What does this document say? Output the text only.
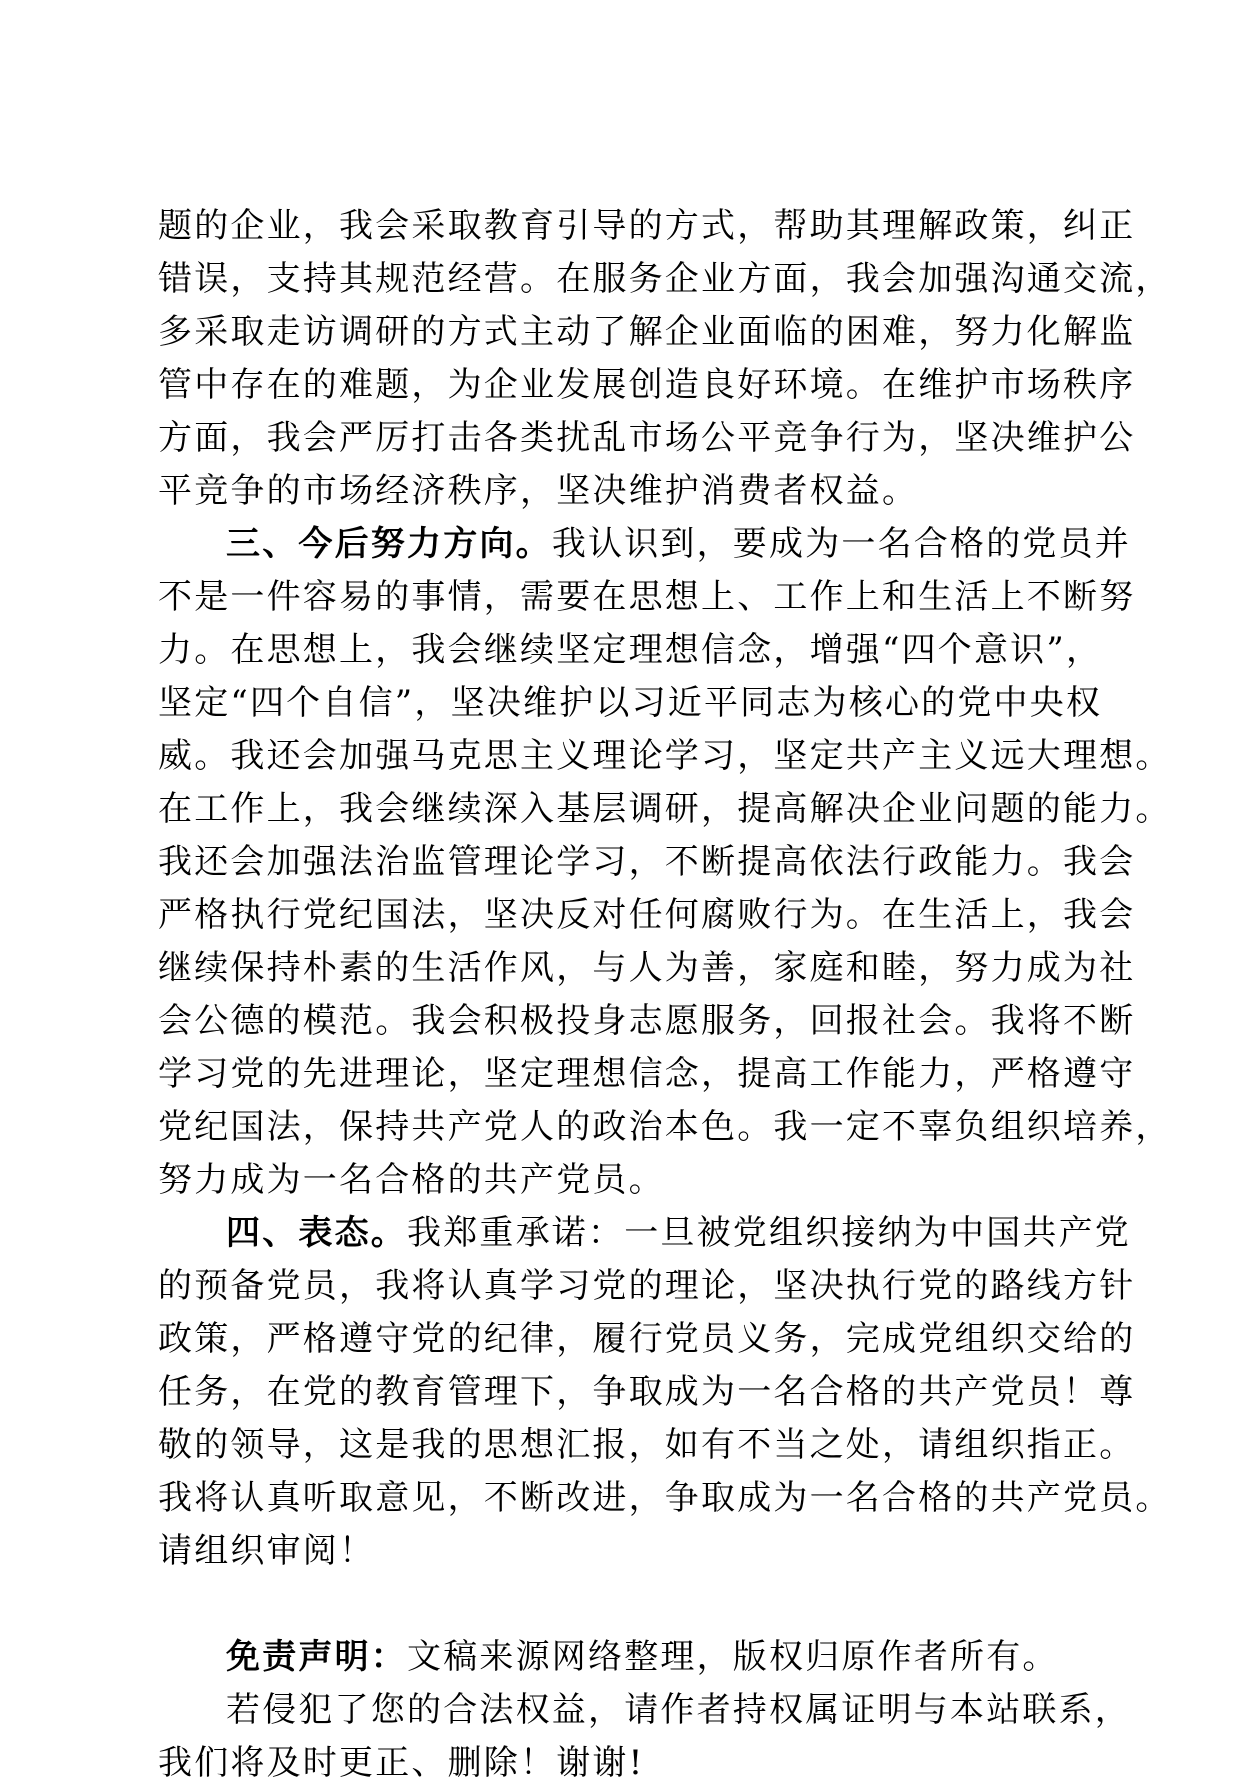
题的企业，我会采取教育引导的方式，帮助其理解政策，纠正
错误，支持其规范经营。在服务企业方面，我会加强沟通交流，
多采取走访调研的方式主动了解企业面临的困难，努力化解监
管中存在的难题，为企业发展创造良好环境。在维护市场秩序
方面，我会严厉打击各类扰乱市场公平竞争行为，坚决维护公
平竞争的市场经济秩序，坚决维护消费者权益。
三、今后努力方向。我认识到，要成为一名合格的党员并
不是一件容易的事情，需要在思想上、工作上和生活上不断努
力。在思想上，我会继续坚定理想信念，增强“四个意识”，
坚定“四个自信”，坚决维护以习近平同志为核心的党中央权
威。我还会加强马克思主义理论学习，坚定共产主义远大理想。
在工作上，我会继续深入基层调研，提高解决企业问题的能力。
我还会加强法治监管理论学习，不断提高依法行政能力。我会
严格执行党纪国法，坚决反对任何腐败行为。在生活上，我会
继续保持朴素的生活作风，与人为善，家庭和睦，努力成为社
会公德的模范。我会积极投身志愿服务，回报社会。我将不断
学习党的先进理论，坚定理想信念，提高工作能力，严格遵守
党纪国法，保持共产党人的政治本色。我一定不辜负组织培养，
努力成为一名合格的共产党员。
四、表态。我郑重承诺：一旦被党组织接纳为中国共产党
的预备党员，我将认真学习党的理论，坚决执行党的路线方针
政策，严格遵守党的纪律，履行党员义务，完成党组织交给的
任务，在党的教育管理下，争取成为一名合格的共产党员！尊
敬的领导，这是我的思想汇报，如有不当之处，请组织指正。
我将认真听取意见，不断改进，争取成为一名合格的共产党员。
请组织审阅！
免责声明：文稿来源网络整理，版权归原作者所有。
若侵犯了您的合法权益，请作者持权属证明与本站联系，
我们将及时更正、删除！谢谢!
